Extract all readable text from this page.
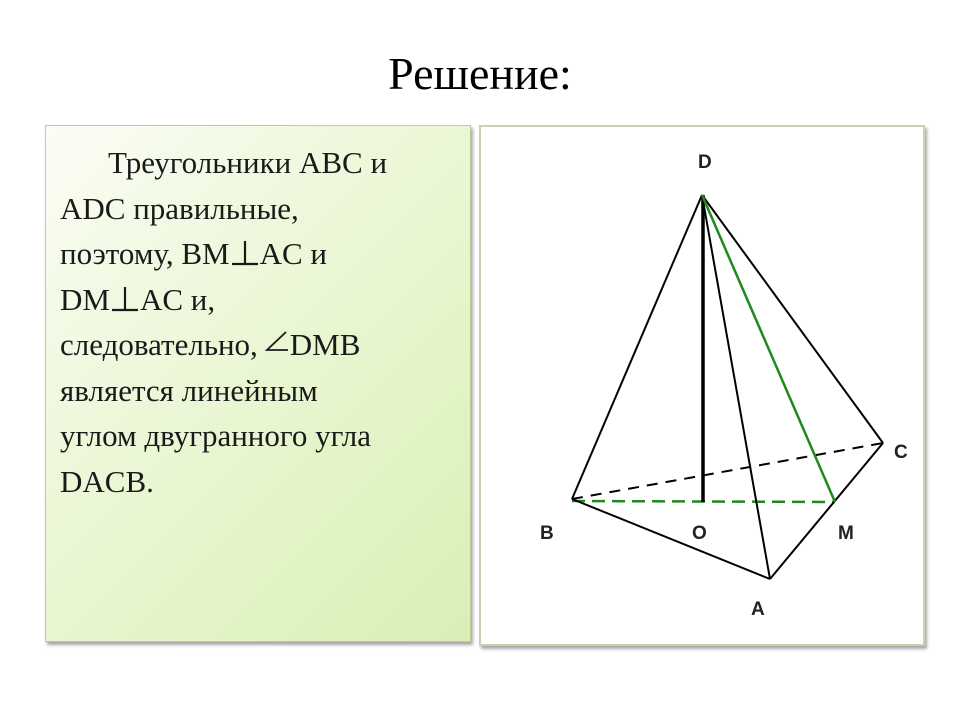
Решение:
Треугольники ABC и
ADC правильные,
поэтому, BM AC и
DM AC и,
следовательно, DMB
является линейным
углом двугранного угла
DACB.
D
C
B	O	M
A
